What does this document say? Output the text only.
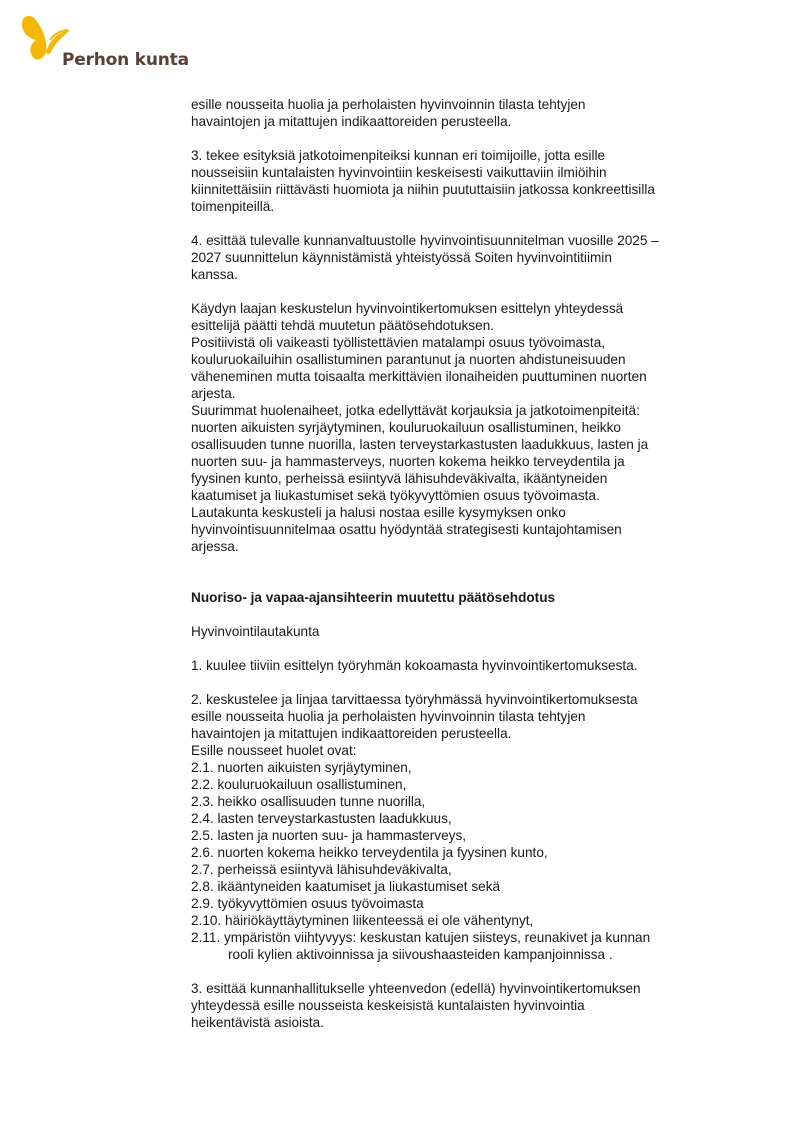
Perhon kunta

esille nousseita huolia ja perholaisten hyvinvoinnin tilasta tehtyjen

havaintojen ja mitattujen indikaattoreiden perusteella.

3. tekee esityksiä jatkotoimenpiteiksi kunnan eri toimijoille, jotta esille

nousseisiin kuntalaisten hyvinvointiin keskeisesti vaikuttaviin ilmiöihin

kiinnitettäisiin riittävästi huomiota ja niihin puututtaisiin jatkossa konkreettisilla

toimenpiteillä.

4. esittää tulevalle kunnanvaltuustolle hyvinvointisuunnitelman vuosille 2025 –

2027 suunnittelun käynnistämistä yhteistyössä Soiten hyvinvointitiimin

kanssa.

Käydyn laajan keskustelun hyvinvointikertomuksen esittelyn yhteydessä

esittelijä päätti tehdä muutetun päätösehdotuksen.

Positiivistä oli vaikeasti työllistettävien matalampi osuus työvoimasta,

kouluruokailuihin osallistuminen parantunut ja nuorten ahdistuneisuuden

väheneminen mutta toisaalta merkittävien ilonaiheiden puuttuminen nuorten

arjesta.

Suurimmat huolenaiheet, jotka edellyttävät korjauksia ja jatkotoimenpiteitä:

nuorten aikuisten syrjäytyminen, kouluruokailuun osallistuminen, heikko

osallisuuden tunne nuorilla, lasten terveystarkastusten laadukkuus, lasten ja

nuorten suu- ja hammasterveys, nuorten kokema heikko terveydentila ja

fyysinen kunto, perheissä esiintyvä lähisuhdeväkivalta, ikääntyneiden

kaatumiset ja liukastumiset sekä työkyvyttömien osuus työvoimasta.

Lautakunta keskusteli ja halusi nostaa esille kysymyksen onko

hyvinvointisuunnitelmaa osattu hyödyntää strategisesti kuntajohtamisen

arjessa.

Nuoriso- ja vapaa-ajansihteerin muutettu päätösehdotus

Hyvinvointilautakunta

1. kuulee tiiviin esittelyn työryhmän kokoamasta hyvinvointikertomuksesta.

2. keskustelee ja linjaa tarvittaessa työryhmässä hyvinvointikertomuksesta

esille nousseita huolia ja perholaisten hyvinvoinnin tilasta tehtyjen

havaintojen ja mitattujen indikaattoreiden perusteella.

Esille nousseet huolet ovat:

2.1. nuorten aikuisten syrjäytyminen,

2.2. kouluruokailuun osallistuminen,

2.3. heikko osallisuuden tunne nuorilla,

2.4. lasten terveystarkastusten laadukkuus,

2.5. lasten ja nuorten suu- ja hammasterveys,

2.6. nuorten kokema heikko terveydentila ja fyysinen kunto,

2.7. perheissä esiintyvä lähisuhdeväkivalta,

2.8. ikääntyneiden kaatumiset ja liukastumiset sekä

2.9. työkyvyttömien osuus työvoimasta

2.10. häiriökäyttäytyminen liikenteessä ei ole vähentynyt,

2.11. ympäristön viihtyvyys: keskustan katujen siisteys, reunakivet ja kunnan

rooli kylien aktivoinnissa ja siivoushaasteiden kampanjoinnissa .

3. esittää kunnanhallitukselle yhteenvedon (edellä) hyvinvointikertomuksen

yhteydessä esille nousseista keskeisistä kuntalaisten hyvinvointia

heikentävistä asioista.
